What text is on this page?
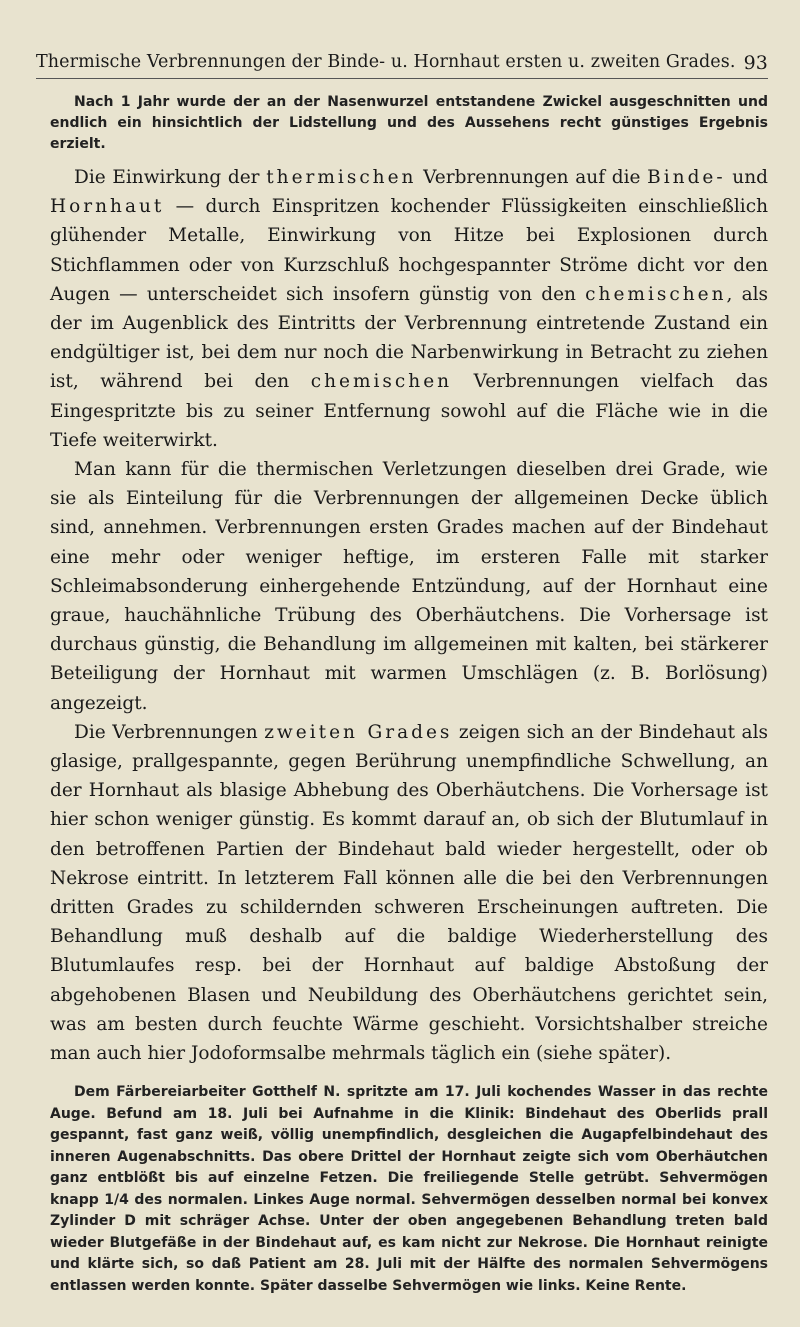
Thermische Verbrennungen der Binde- u. Hornhaut ersten u. zweiten Grades. 93

Nach 1 Jahr wurde der an der Nasenwurzel entstandene Zwickel ausgeschnitten und endlich ein hinsichtlich der Lidstellung und des Aussehens recht günstiges Ergebnis erzielt.

Die Einwirkung der thermischen Verbrennungen auf die Binde- und Hornhaut — durch Einspritzen kochender Flüssigkeiten einschließlich glühender Metalle, Einwirkung von Hitze bei Explosionen durch Stichflammen oder von Kurzschluß hochgespannter Ströme dicht vor den Augen — unterscheidet sich insofern günstig von den chemischen, als der im Augenblick des Eintritts der Verbrennung eintretende Zustand ein endgültiger ist, bei dem nur noch die Narbenwirkung in Betracht zu ziehen ist, während bei den chemischen Verbrennungen vielfach das Eingespritzte bis zu seiner Entfernung sowohl auf die Fläche wie in die Tiefe weiterwirkt.

Man kann für die thermischen Verletzungen dieselben drei Grade, wie sie als Einteilung für die Verbrennungen der allgemeinen Decke üblich sind, annehmen. Verbrennungen ersten Grades machen auf der Bindehaut eine mehr oder weniger heftige, im ersteren Falle mit starker Schleimabsonderung einhergehende Entzündung, auf der Hornhaut eine graue, hauchähnliche Trübung des Oberhäutchens. Die Vorhersage ist durchaus günstig, die Behandlung im allgemeinen mit kalten, bei stärkerer Beteiligung der Hornhaut mit warmen Umschlägen (z. B. Borlösung) angezeigt.

Die Verbrennungen zweiten Grades zeigen sich an der Bindehaut als glasige, prallgespannte, gegen Berührung unempfindliche Schwellung, an der Hornhaut als blasige Abhebung des Oberhäutchens. Die Vorhersage ist hier schon weniger günstig. Es kommt darauf an, ob sich der Blutumlauf in den betroffenen Partien der Bindehaut bald wieder hergestellt, oder ob Nekrose eintritt. In letzterem Fall können alle die bei den Verbrennungen dritten Grades zu schildernden schweren Erscheinungen auftreten. Die Behandlung muß deshalb auf die baldige Wiederherstellung des Blutumlaufes resp. bei der Hornhaut auf baldige Abstoßung der abgehobenen Blasen und Neubildung des Oberhäutchens gerichtet sein, was am besten durch feuchte Wärme geschieht. Vorsichtshalber streiche man auch hier Jodoformsalbe mehrmals täglich ein (siehe später).

Dem Färbereiarbeiter Gotthelf N. spritzte am 17. Juli kochendes Wasser in das rechte Auge. Befund am 18. Juli bei Aufnahme in die Klinik: Bindehaut des Oberlids prall gespannt, fast ganz weiß, völlig unempfindlich, desgleichen die Augapfelbindehaut des inneren Augenabschnitts. Das obere Drittel der Hornhaut zeigte sich vom Oberhäutchen ganz entblößt bis auf einzelne Fetzen. Die freiliegende Stelle getrübt. Sehvermögen knapp 1/4 des normalen. Linkes Auge normal. Sehvermögen desselben normal bei konvex Zylinder D mit schräger Achse. Unter der oben angegebenen Behandlung treten bald wieder Blutgefäße in der Bindehaut auf, es kam nicht zur Nekrose. Die Hornhaut reinigte und klärte sich, so daß Patient am 28. Juli mit der Hälfte des normalen Sehvermögens entlassen werden konnte. Später dasselbe Sehvermögen wie links. Keine Rente.
